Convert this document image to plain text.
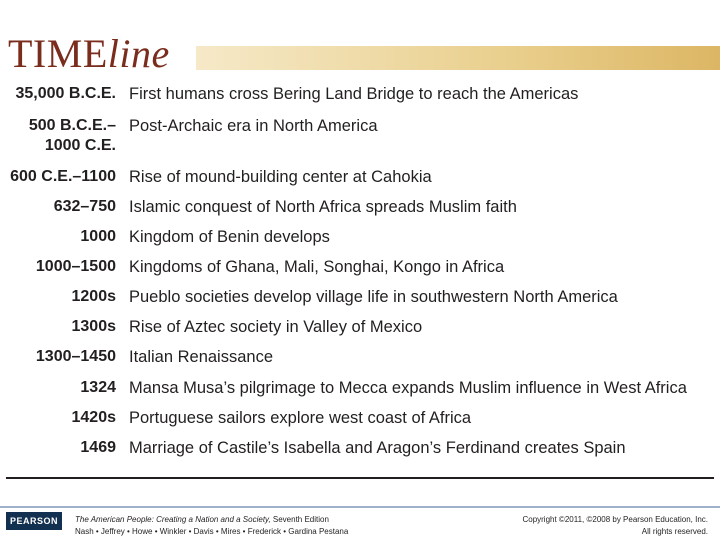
TIMEline
35,000 B.C.E. First humans cross Bering Land Bridge to reach the Americas
500 B.C.E.–
1000 C.E.
Post-Archaic era in North America
600 C.E.–1100 Rise of mound-building center at Cahokia
632–750 Islamic conquest of North Africa spreads Muslim faith
1000 Kingdom of Benin develops
1000–1500 Kingdoms of Ghana, Mali, Songhai, Kongo in Africa
1200s Pueblo societies develop village life in southwestern North America
1300s Rise of Aztec society in Valley of Mexico
1300–1450 Italian Renaissance
1324 Mansa Musa’s pilgrimage to Mecca expands Muslim influence in West Africa
1420s Portuguese sailors explore west coast of Africa
1469 Marriage of Castile’s Isabella and Aragon’s Ferdinand creates Spain
PEARSON	The American People: Creating a Nation and a Society, Seventh Edition
Nash • Jeffrey • Howe • Winkler • Davis • Mires • Frederick • Gardina Pestana
Copyright ©2011, ©2008 by Pearson Education, Inc.
All rights reserved.
